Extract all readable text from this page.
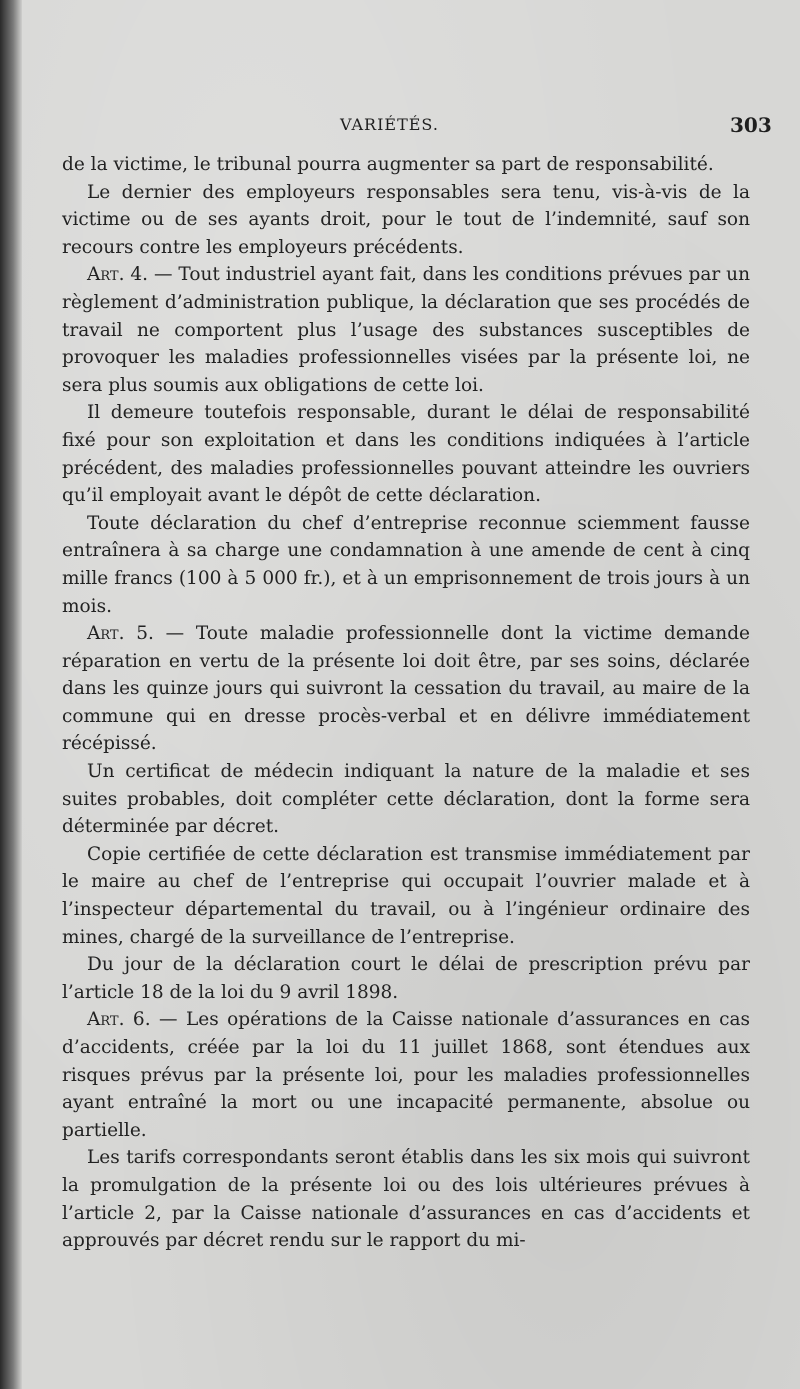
VARIÉTÉS.	303

de la victime, le tribunal pourra augmenter sa part de responsabilité.

Le dernier des employeurs responsables sera tenu, vis-à-vis de la victime ou de ses ayants droit, pour le tout de l’indemnité, sauf son recours contre les employeurs précédents.

Art. 4. — Tout industriel ayant fait, dans les conditions prévues par un règlement d’administration publique, la déclaration que ses procédés de travail ne comportent plus l’usage des substances susceptibles de provoquer les maladies professionnelles visées par la présente loi, ne sera plus soumis aux obligations de cette loi.

Il demeure toutefois responsable, durant le délai de responsabilité fixé pour son exploitation et dans les conditions indiquées à l’article précédent, des maladies professionnelles pouvant atteindre les ouvriers qu’il employait avant le dépôt de cette déclaration.

Toute déclaration du chef d’entreprise reconnue sciemment fausse entraînera à sa charge une condamnation à une amende de cent à cinq mille francs (100 à 5 000 fr.), et à un emprisonnement de trois jours à un mois.

Art. 5. — Toute maladie professionnelle dont la victime demande réparation en vertu de la présente loi doit être, par ses soins, déclarée dans les quinze jours qui suivront la cessation du travail, au maire de la commune qui en dresse procès-verbal et en délivre immédiatement récépissé.

Un certificat de médecin indiquant la nature de la maladie et ses suites probables, doit compléter cette déclaration, dont la forme sera déterminée par décret.

Copie certifiée de cette déclaration est transmise immédiatement par le maire au chef de l’entreprise qui occupait l’ouvrier malade et à l’inspecteur départemental du travail, ou à l’ingénieur ordinaire des mines, chargé de la surveillance de l’entreprise.

Du jour de la déclaration court le délai de prescription prévu par l’article 18 de la loi du 9 avril 1898.

Art. 6. — Les opérations de la Caisse nationale d’assurances en cas d’accidents, créée par la loi du 11 juillet 1868, sont étendues aux risques prévus par la présente loi, pour les maladies professionnelles ayant entraîné la mort ou une incapacité permanente, absolue ou partielle.

Les tarifs correspondants seront établis dans les six mois qui suivront la promulgation de la présente loi ou des lois ultérieures prévues à l’article 2, par la Caisse nationale d’assurances en cas d’accidents et approuvés par décret rendu sur le rapport du mi-
